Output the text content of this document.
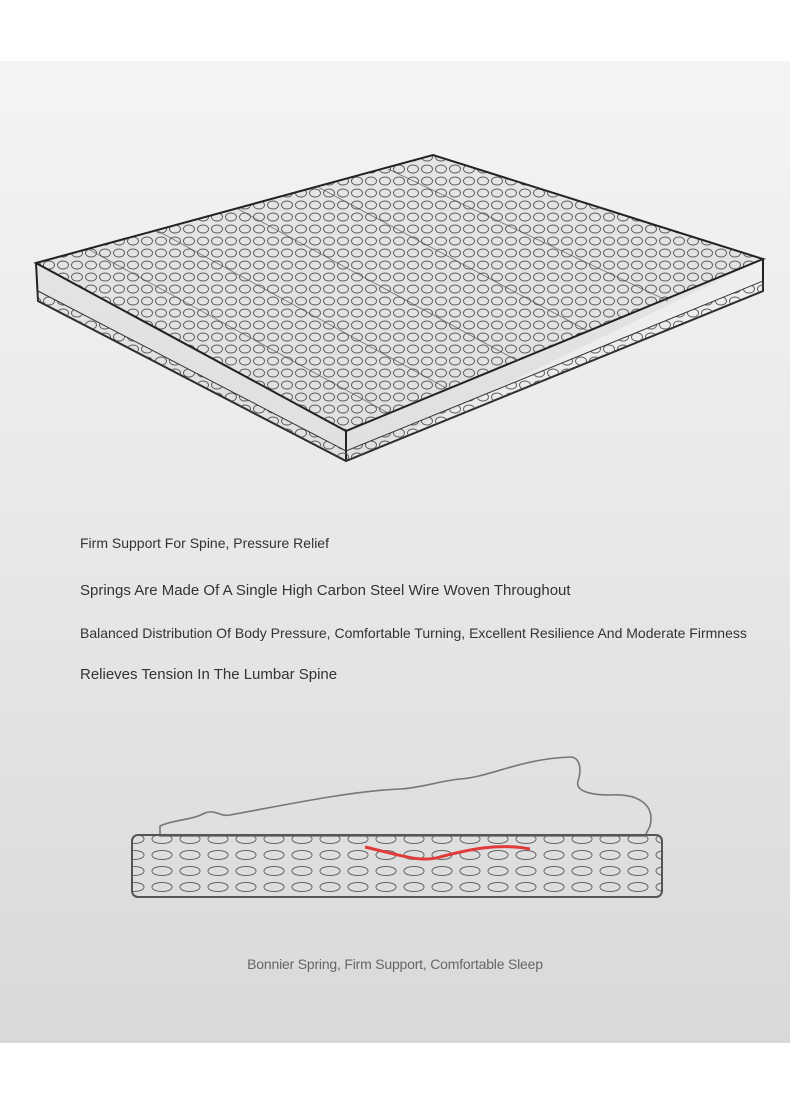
Firm Support For Spine, Pressure Relief
Springs Are Made Of A Single High Carbon Steel Wire Woven Throughout
Balanced Distribution Of Body Pressure, Comfortable Turning, Excellent Resilience And Moderate Firmness
Relieves Tension In The Lumbar Spine
Bonnier Spring, Firm Support, Comfortable Sleep
